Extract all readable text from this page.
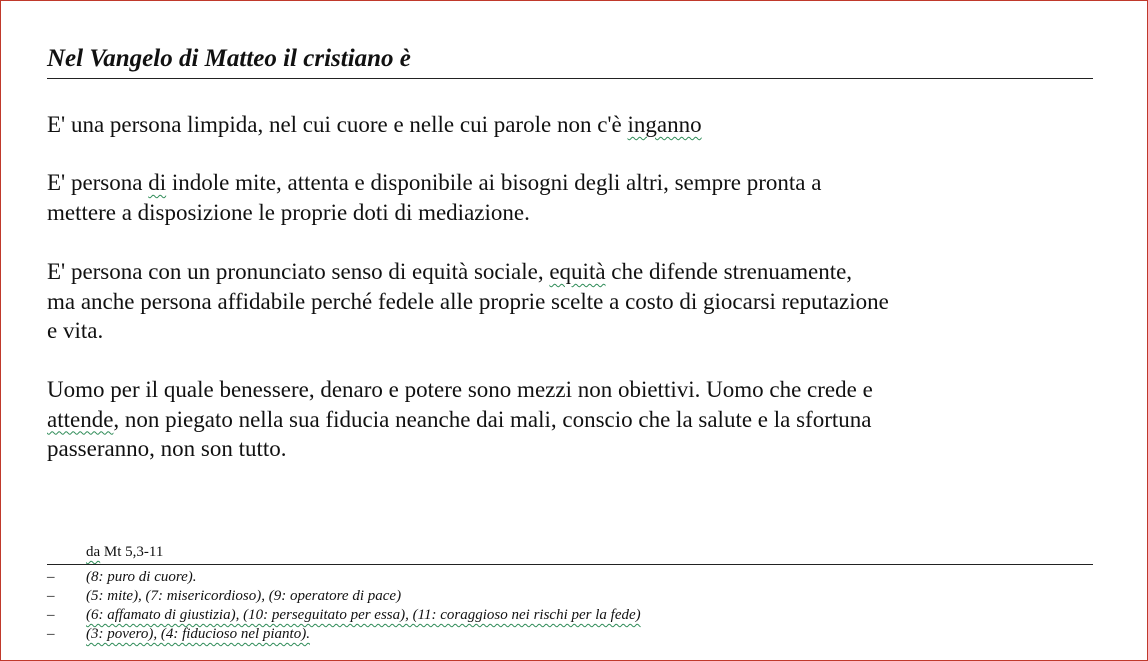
Nel Vangelo di Matteo il cristiano è

E' una persona limpida, nel cui cuore e nelle cui parole non c'è inganno

E' persona di indole mite, attenta e disponibile ai bisogni degli altri, sempre pronta a
mettere a disposizione le proprie doti di mediazione.

E' persona con un pronunciato senso di equità sociale, equità che difende strenuamente,
ma anche persona affidabile perché fedele alle proprie scelte a costo di giocarsi reputazione
e vita.

Uomo per il quale benessere, denaro e potere sono mezzi non obiettivi. Uomo che crede e
attende, non piegato nella sua fiducia neanche dai mali, conscio che la salute e la sfortuna
passeranno, non son tutto.

da Mt 5,3-11

–	(8: puro di cuore).
–	(5: mite), (7: misericordioso), (9: operatore di pace)
–	(6: affamato di giustizia), (10: perseguitato per essa), (11: coraggioso nei rischi per la fede)
–	(3: povero), (4: fiducioso nel pianto).
